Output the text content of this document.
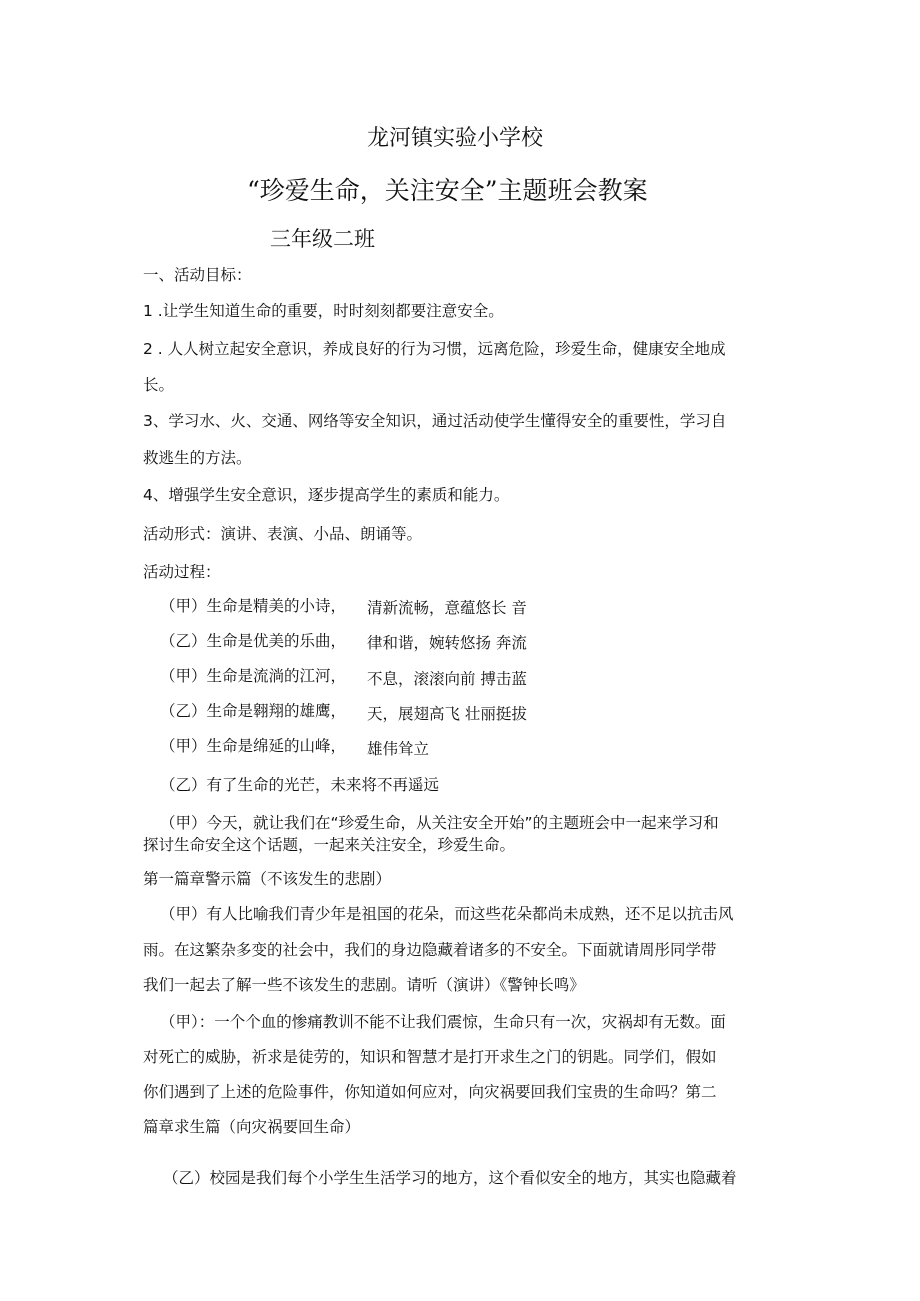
龙河镇实验小学校
“珍爱生命，关注安全”主题班会教案
三年级二班
一、活动目标：
1 .让学生知道生命的重要，时时刻刻都要注意安全。
2 . 人人树立起安全意识，养成良好的行为习惯，远离危险，珍爱生命，健康安全地成
长。
3、学习水、火、交通、网络等安全知识，通过活动使学生懂得安全的重要性，学习自
救逃生的方法。
4、增强学生安全意识，逐步提高学生的素质和能力。
活动形式：演讲、表演、小品、朗诵等。
活动过程：
（甲）生命是精美的小诗， 清新流畅，意蕴悠长 音
（乙）生命是优美的乐曲， 律和谐，婉转悠扬 奔流
（甲）生命是流淌的江河， 不息，滚滚向前 搏击蓝
（乙）生命是翱翔的雄鹰， 天，展翅高飞 壮丽挺拔
（甲）生命是绵延的山峰， 雄伟耸立
（乙）有了生命的光芒，未来将不再遥远
（甲）今天，就让我们在“珍爱生命，从关注安全开始”的主题班会中一起来学习和
探讨生命安全这个话题，一起来关注安全，珍爱生命。
第一篇章警示篇（不该发生的悲剧）
（甲）有人比喻我们青少年是祖国的花朵，而这些花朵都尚未成熟，还不足以抗击风
雨。在这繁杂多变的社会中，我们的身边隐藏着诸多的不安全。下面就请周彤同学带
我们一起去了解一些不该发生的悲剧。请听（演讲）《警钟长鸣》
（甲）：一个个血的惨痛教训不能不让我们震惊，生命只有一次，灾祸却有无数。面
对死亡的威胁，祈求是徒劳的，知识和智慧才是打开求生之门的钥匙。同学们，假如
你们遇到了上述的危险事件，你知道如何应对，向灾祸要回我们宝贵的生命吗？第二
篇章求生篇（向灾祸要回生命）
（乙）校园是我们每个小学生生活学习的地方，这个看似安全的地方，其实也隐藏着
